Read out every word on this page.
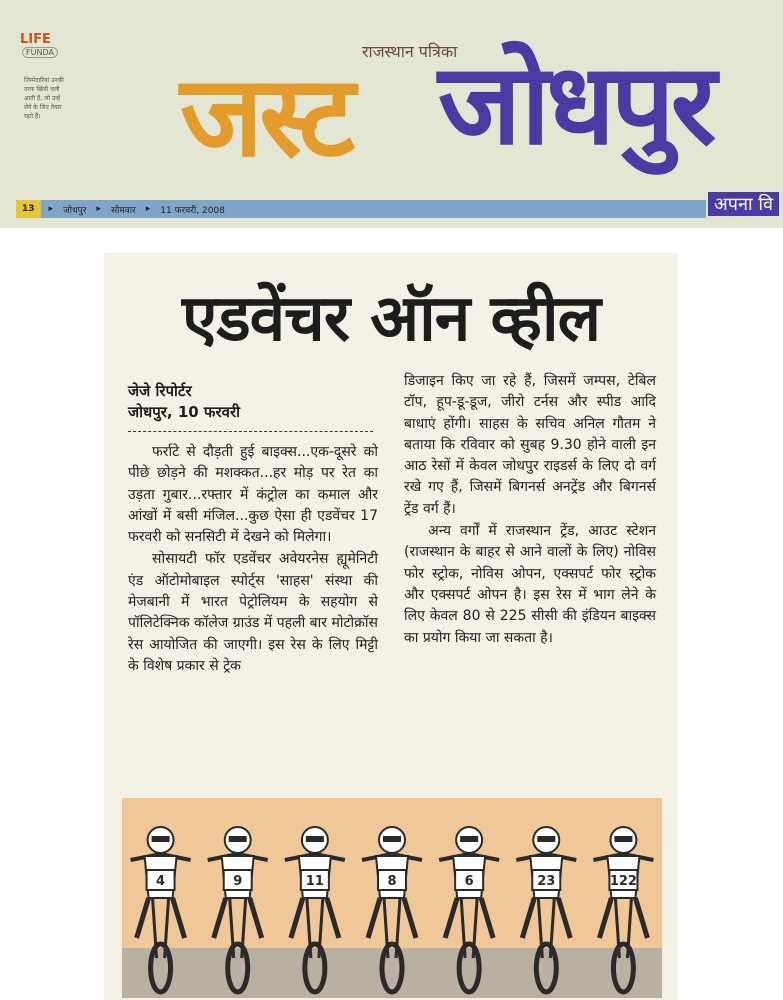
LIFE
FUNDA
जिम्मेदारियां उनकी तरफ खिंची चली आती हैं, जो उन्हें लेने के लिए तैयार रहते हैं।
राजस्थान पत्रिका
जस्ट जोधपुर
अपना वि
13	▸ जोधपुर ▸ सोमवार ▸ 11 फरवरी, 2008
एडवेंचर ऑन व्हील
जेजे रिपोर्टर
जोधपुर, 10 फरवरी

फर्राटे से दौड़ती हुई बाइक्स...एक-दूसरे को पीछे छोड़ने की मशक्कत...हर मोड़ पर रेत का उड़ता गुबार...रफ्तार में कंट्रोल का कमाल और आंखों में बसी मंजिल...कुछ ऐसा ही एडवेंचर 17 फरवरी को सनसिटी में देखने को मिलेगा।

सोसायटी फॉर एडवेंचर अवेयरनेस ह्यूमेनिटी एंड ऑटोमोबाइल स्पोर्ट्स 'साहस' संस्था की मेजबानी में भारत पेट्रोलियम के सहयोग से पॉलिटेक्निक कॉलेज ग्राउंड में पहली बार मोटोक्रॉस रेस आयोजित की जाएगी। इस रेस के लिए मिट्टी के विशेष प्रकार से ट्रेक

डिजाइन किए जा रहे हैं, जिसमें जम्पस, टेबिल टॉप, हूप-डू-डूज, जीरो टर्नस और स्पीड आदि बाधाएं होंगी। साहस के सचिव अनिल गौतम ने बताया कि रविवार को सुबह 9.30 होने वाली इन आठ रेसों में केवल जोधपुर राइडर्स के लिए दो वर्ग रखे गए हैं, जिसमें बिगनर्स अनट्रेंड और बिगनर्स ट्रेंड वर्ग हैं।

अन्य वर्गों में राजस्थान ट्रेंड, आउट स्टेशन (राजस्थान के बाहर से आने वालों के लिए) नोविस फोर स्ट्रोक, नोविस ओपन, एक्सपर्ट फोर स्ट्रोक और एक्सपर्ट ओपन है। इस रेस में भाग लेने के लिए केवल 80 से 225 सीसी की इंडियन बाइक्स का प्रयोग किया जा सकता है।

4	9	11	8	6	23	122
